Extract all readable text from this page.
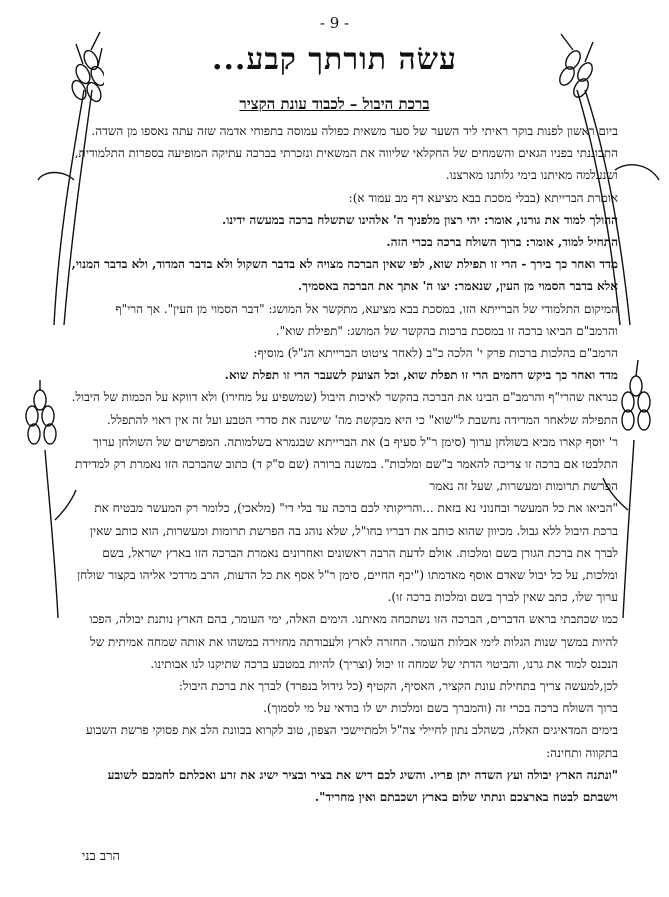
- 9 -
עשׂה תורתך קבע...
ברכת היבול – לכבוד עונת הקציר

ביום ראשון לפנות בוקר ראיתי ליד השער של סעד משאית כפולה עמוסה בתפוחי אדמה שזה עתה נאספו מן השדה. התבוננתי בפניו הגאים והשמחים של החקלאי שליווה את המשאית ונזכרתי בברכה עתיקה המופיעה בספרות התלמודית, ושנעלמה מאיתנו בימי גלותנו מארצנו.

אומרת הברייתא (בבלי מסכת בבא מציעא דף מב עמוד א):

ההולך למוד את גורנו, אומר: יהי רצון מלפניך ה' אלהינו שתשלח ברכה במעשה ידינו.

התחיל למוד, אומר: ברוך השולח ברכה בכרי הזה.

מדד ואחר כך בירך - הרי זו תפילת שוא, לפי שאין הברכה מצויה לא בדבר השקול ולא בדבר המדוד, ולא בדבר המנוי, אלא בדבר הסמוי מן העין, שנאמר: יצו ה' אתך את הברכה באסמיך.

המיקום התלמודי של הברייתא הזו, במסכת בבא מציעא, מתקשר אל המושג: "דבר הסמוי מן העין". אך הרי"ף והרמב"ם הביאו ברכה זו במסכת ברכות בהקשר של המושג: "תפילת שוא".

הרמב"ם בהלכות ברכות פרק י' הלכה כ"ב (לאחר ציטוט הברייתא הנ"ל) מוסיף:

מדד ואחר כך ביקש רחמים הרי זו תפלת שוא, וכל הצועק לשעבר הרי זו תפלת שוא.

כנראה שהרי"ף והרמב"ם הבינו את הברכה בהקשר לאיכות היבול (שמשפיע על מחירו) ולא דווקא על הכמות של היבול. התפילה שלאחר המדידה נחשבת ל"שוא" כי היא מבקשת מה' שישנה את סדרי הטבע ועל זה אין ראוי להתפלל.

ר' יוסף קארו מביא בשולחן ערוך (סימן ר"ל סעיף ב) את הברייתא שבגמרא בשלמותה. המפרשים של השולחן ערוך התלבטו אם ברכה זו צריכה להאמר ב"שם ומלכות". במשנה ברורה (שם ס"ק ד) כתוב שהברכה הזו נאמרת רק למדידת הפרשת תרומות ומעשרות, שעל זה נאמר

"הביאו את כל המעשר ובחנוני נא בזאת ...והריקותי לכם ברכה עד בלי די" (מלאכי), כלומר רק המעשר מבטיח את ברכת היבול ללא גבול. מכיוון שהוא כותב את דבריו בחו"ל, שלא נוהג בה הפרשת תרומות ומעשרות, הוא כותב שאין לברך את ברכת הגורן בשם ומלכות. אולם לדעת הרבה ראשונים ואחרונים נאמרת הברכה הזו בארץ ישראל, בשם ומלכות, על כל יבול שאדם אוסף מאדמתו ("יכף החיים, סימן ר"ל אסף את כל הדעות, הרב מרדכי אליהו בקצור שולחן ערוך שלו, כתב שאין לברך בשם ומלכות ברכה זו).

כמו שכתבתי בראש הדברים, הברכה הזו נשתכחה מאיתנו. הימים האלה, ימי העומר, בהם הארץ נותנת יבולה, הפכו להיות במשך שנות הגלות לימי אבלות העומר. החזרה לארץ ולעבודתה מחזירה במשהו את אותה שמחה אמיתית של הנכנס למוד את גרנו, והביטוי הדתי של שמחה זו יכול (וצריך) להיות במטבע ברכה שתיקנו לנו אבותינו.

לכן,למעשה צריך בתחילת עונת הקציר, האסיף, הקטיף (כל גידול בנפרד) לברך את ברכת היבול:

ברוך השולח ברכה בכרי זה (והמברך בשם ומלכות יש לו בודאי על מי לסמוך).

בימים המדאיגים האלה, כשהלב נתון לחיילי צה"ל ולמתיישבי הצפון, טוב לקרוא בכוונת הלב את פסוקי פרשת השבוע בתקווה ותחינה:

"ונתנה הארץ יבולה ועץ השדה יתן פריו. והשיג לכם דיש את בציר ובציר ישיג את זרע ואכלתם לחמכם לשובע וישבתם לבטח בארצכם ונתתי שלום בארץ ושכבתם ואין מחריד".

הרב בני
